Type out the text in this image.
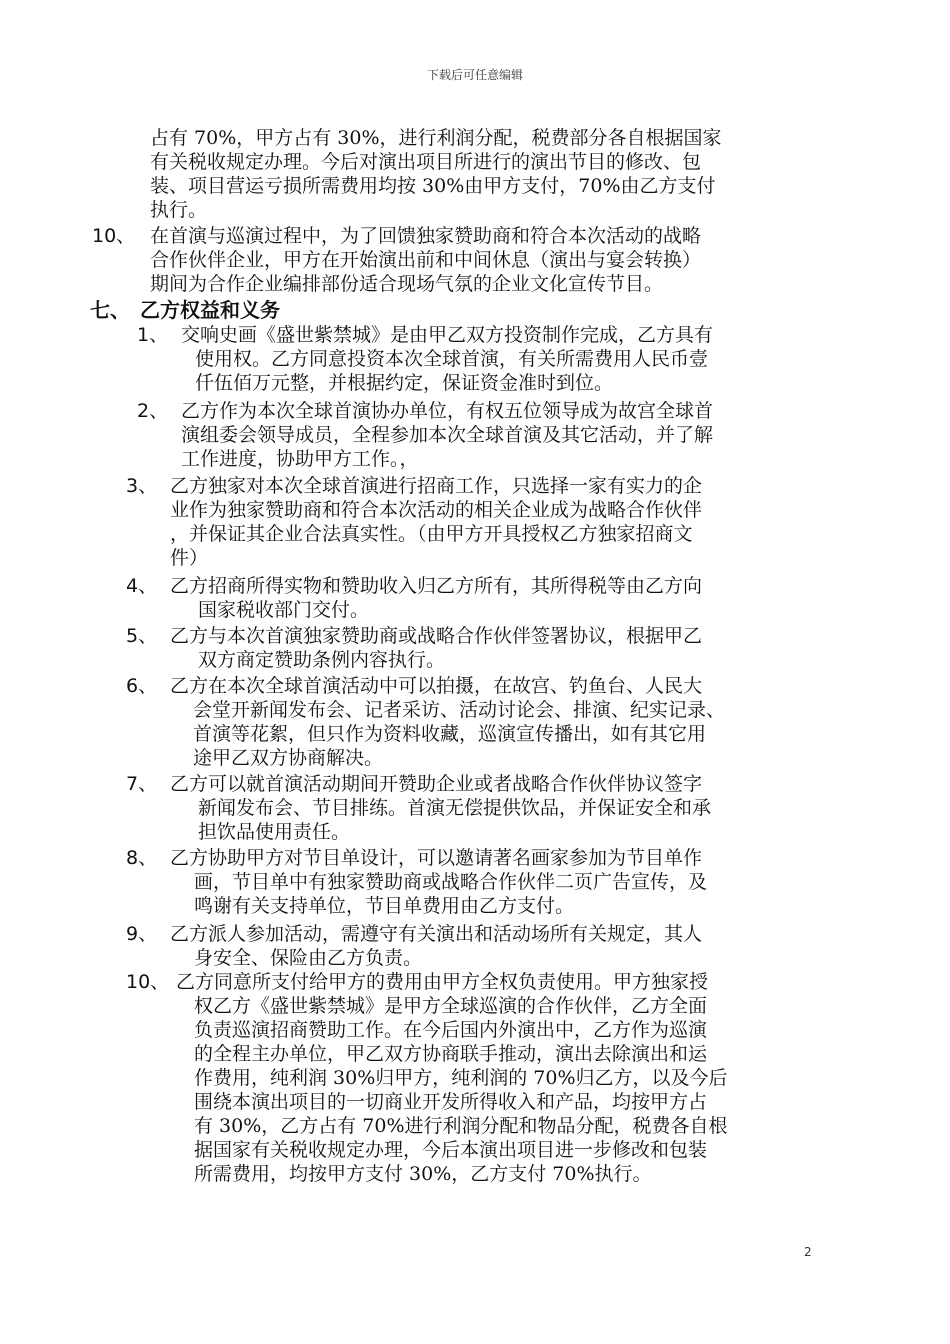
下载后可任意编辑
占有 70%，甲方占有 30%，进行利润分配，税费部分各自根据国家
有关税收规定办理。今后对演出项目所进行的演出节目的修改、包
装、项目营运亏损所需费用均按 30%由甲方支付，70%由乙方支付
执行。
10、 在首演与巡演过程中，为了回馈独家赞助商和符合本次活动的战略
合作伙伴企业，甲方在开始演出前和中间休息（演出与宴会转换）
期间为合作企业编排部份适合现场气氛的企业文化宣传节目。
七、　乙方权益和义务
1、 交响史画《盛世紫禁城》是由甲乙双方投资制作完成，乙方具有
使用权。乙方同意投资本次全球首演，有关所需费用人民币壹
仟伍佰万元整，并根据约定，保证资金准时到位。
2、 乙方作为本次全球首演协办单位，有权五位领导成为故宫全球首
演组委会领导成员，全程参加本次全球首演及其它活动，并了解
工作进度，协助甲方工作。，
3、 乙方独家对本次全球首演进行招商工作，只选择一家有实力的企
业作为独家赞助商和符合本次活动的相关企业成为战略合作伙伴
，并保证其企业合法真实性。（由甲方开具授权乙方独家招商文
件）
4、 乙方招商所得实物和赞助收入归乙方所有，其所得税等由乙方向
国家税收部门交付。
5、 乙方与本次首演独家赞助商或战略合作伙伴签署协议，根据甲乙
双方商定赞助条例内容执行。
6、 乙方在本次全球首演活动中可以拍摄，在故宫、钓鱼台、人民大
会堂开新闻发布会、记者采访、活动讨论会、排演、纪实记录、
首演等花絮，但只作为资料收藏，巡演宣传播出，如有其它用
途甲乙双方协商解决。
7、 乙方可以就首演活动期间开赞助企业或者战略合作伙伴协议签字
新闻发布会、节目排练。首演无偿提供饮品，并保证安全和承
担饮品使用责任。
8、 乙方协助甲方对节目单设计，可以邀请著名画家参加为节目单作
画，节目单中有独家赞助商或战略合作伙伴二页广告宣传，及
鸣谢有关支持单位，节目单费用由乙方支付。
9、 乙方派人参加活动，需遵守有关演出和活动场所有关规定，其人
身安全、保险由乙方负责。
10、 乙方同意所支付给甲方的费用由甲方全权负责使用。甲方独家授
权乙方《盛世紫禁城》是甲方全球巡演的合作伙伴，乙方全面
负责巡演招商赞助工作。在今后国内外演出中，乙方作为巡演
的全程主办单位，甲乙双方协商联手推动，演出去除演出和运
作费用，纯利润 30%归甲方，纯利润的 70%归乙方，以及今后
围绕本演出项目的一切商业开发所得收入和产品，均按甲方占
有 30%，乙方占有 70%进行利润分配和物品分配，税费各自根
据国家有关税收规定办理，今后本演出项目进一步修改和包装
所需费用，均按甲方支付 30%，乙方支付 70%执行。
2
